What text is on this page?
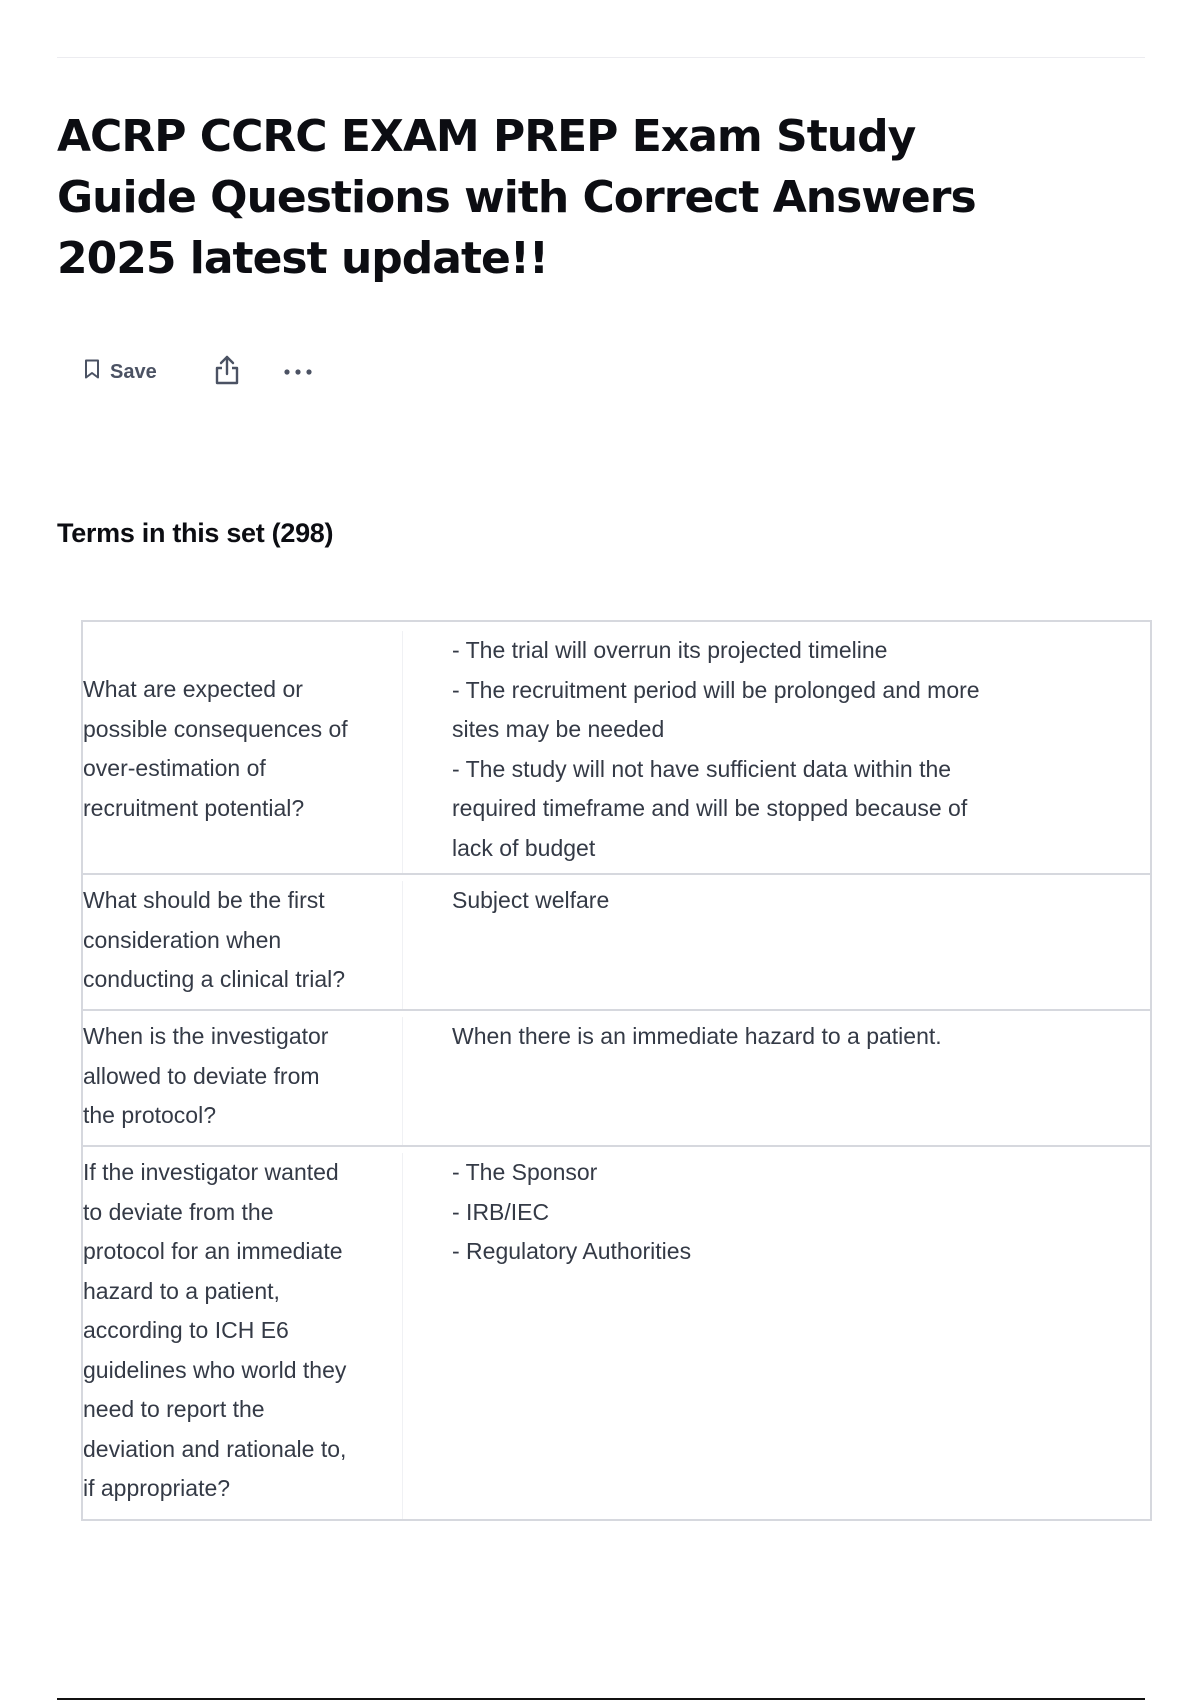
ACRP CCRC EXAM PREP Exam Study Guide Questions with Correct Answers 2025 latest update!!
Save
Terms in this set (298)
What are expected or
possible consequences of
over-estimation of
recruitment potential?
- The trial will overrun its projected timeline
- The recruitment period will be prolonged and more
sites may be needed
- The study will not have sufficient data within the
required timeframe and will be stopped because of
lack of budget
What should be the first
consideration when
conducting a clinical trial?
Subject welfare
When is the investigator
allowed to deviate from
the protocol?
When there is an immediate hazard to a patient.
If the investigator wanted
to deviate from the
protocol for an immediate
hazard to a patient,
according to ICH E6
guidelines who world they
need to report the
deviation and rationale to,
if appropriate?
- The Sponsor
- IRB/IEC
- Regulatory Authorities
